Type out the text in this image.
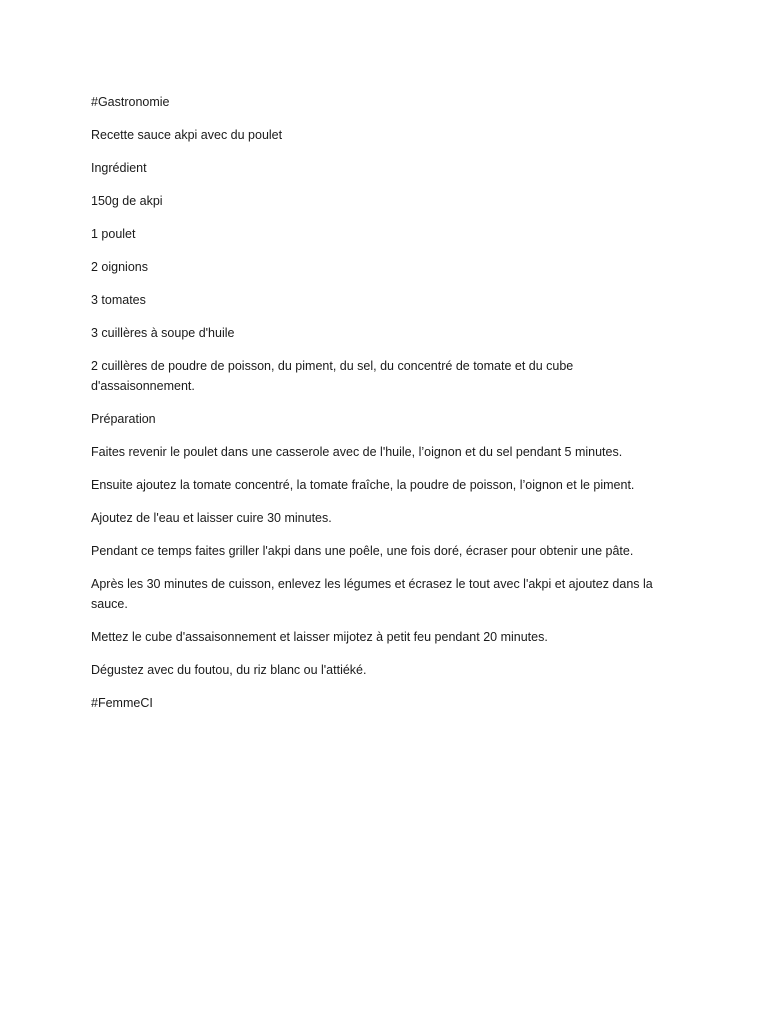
#Gastronomie

Recette sauce akpi avec du poulet

Ingrédient

150g de akpi

1 poulet

2 oignions

3 tomates

3 cuillères à soupe d'huile

2 cuillères de poudre de poisson, du piment, du sel, du concentré de tomate et du cube d'assaisonnement.

Préparation

Faites revenir le poulet dans une casserole avec de l'huile, l’oignon et du sel pendant 5 minutes.

Ensuite ajoutez la tomate concentré, la tomate fraîche, la poudre de poisson, l’oignon et le piment.

Ajoutez de l'eau et laisser cuire 30 minutes.

Pendant ce temps faites griller l'akpi dans une poêle, une fois doré, écraser pour obtenir une pâte.

Après les 30 minutes de cuisson, enlevez les légumes et écrasez le tout avec l'akpi et ajoutez dans la sauce.

Mettez le cube d'assaisonnement et laisser mijotez à petit feu pendant 20 minutes.

Dégustez avec du foutou, du riz blanc ou l'attiéké.

#FemmeCI
